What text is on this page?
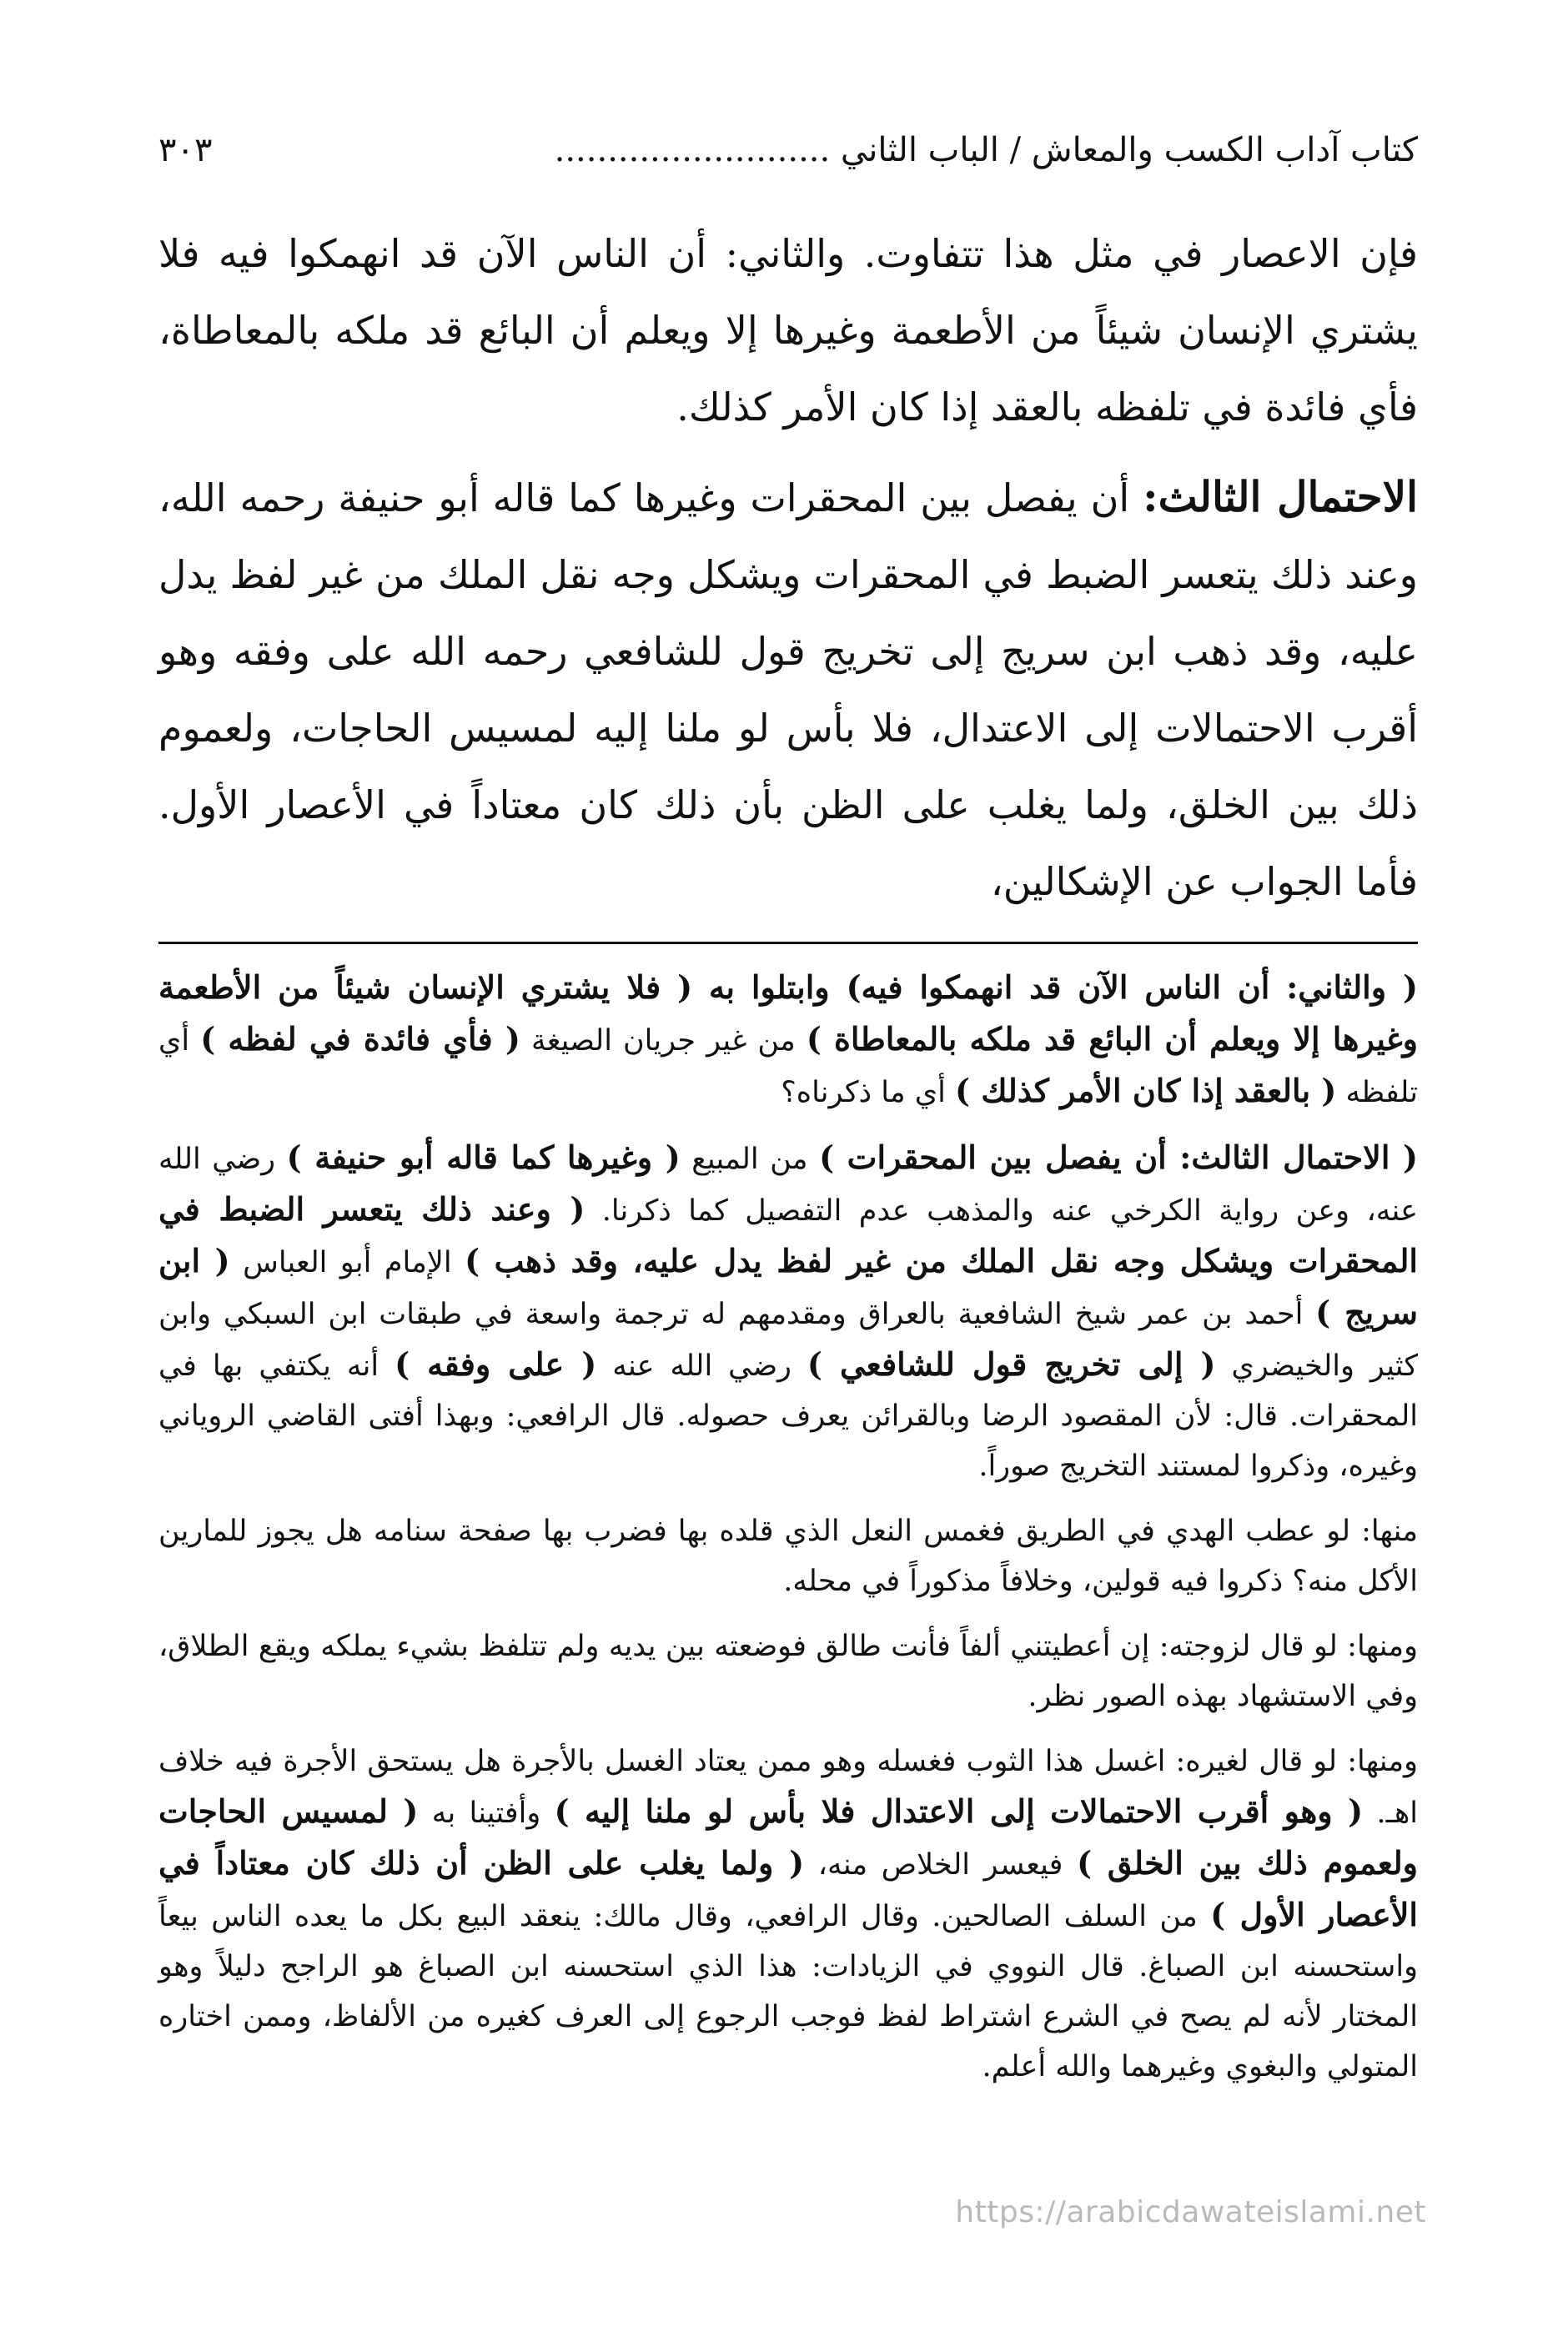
كتاب آداب الكسب والمعاش / الباب الثاني ..........................
٣٠٣

فإن الاعصار في مثل هذا تتفاوت. والثاني: أن الناس الآن قد انهمكوا فيه فلا يشتري الإنسان شيئاً من الأطعمة وغيرها إلا ويعلم أن البائع قد ملكه بالمعاطاة، فأي فائدة في تلفظه بالعقد إذا كان الأمر كذلك.

الاحتمال الثالث: أن يفصل بين المحقرات وغيرها كما قاله أبو حنيفة رحمه الله، وعند ذلك يتعسر الضبط في المحقرات ويشكل وجه نقل الملك من غير لفظ يدل عليه، وقد ذهب ابن سريج إلى تخريج قول للشافعي رحمه الله على وفقه وهو أقرب الاحتمالات إلى الاعتدال، فلا بأس لو ملنا إليه لمسيس الحاجات، ولعموم ذلك بين الخلق، ولما يغلب على الظن بأن ذلك كان معتاداً في الأعصار الأول. فأما الجواب عن الإشكالين،

( والثاني: أن الناس الآن قد انهمكوا فيه) وابتلوا به ( فلا يشتري الإنسان شيئاً من الأطعمة وغيرها إلا ويعلم أن البائع قد ملكه بالمعاطاة ) من غير جريان الصيغة ( فأي فائدة في لفظه ) أي تلفظه ( بالعقد إذا كان الأمر كذلك ) أي ما ذكرناه؟

( الاحتمال الثالث: أن يفصل بين المحقرات ) من المبيع ( وغيرها كما قاله أبو حنيفة ) رضي الله عنه، وعن رواية الكرخي عنه والمذهب عدم التفصيل كما ذكرنا. ( وعند ذلك يتعسر الضبط في المحقرات ويشكل وجه نقل الملك من غير لفظ يدل عليه، وقد ذهب ) الإمام أبو العباس ( ابن سريج ) أحمد بن عمر شيخ الشافعية بالعراق ومقدمهم له ترجمة واسعة في طبقات ابن السبكي وابن كثير والخيضري ( إلى تخريج قول للشافعي ) رضي الله عنه ( على وفقه ) أنه يكتفي بها في المحقرات. قال: لأن المقصود الرضا وبالقرائن يعرف حصوله. قال الرافعي: وبهذا أفتى القاضي الروياني وغيره، وذكروا لمستند التخريج صوراً.

منها: لو عطب الهدي في الطريق فغمس النعل الذي قلده بها فضرب بها صفحة سنامه هل يجوز للمارين الأكل منه؟ ذكروا فيه قولين، وخلافاً مذكوراً في محله.

ومنها: لو قال لزوجته: إن أعطيتني ألفاً فأنت طالق فوضعته بين يديه ولم تتلفظ بشيء يملكه ويقع الطلاق، وفي الاستشهاد بهذه الصور نظر.

ومنها: لو قال لغيره: اغسل هذا الثوب فغسله وهو ممن يعتاد الغسل بالأجرة هل يستحق الأجرة فيه خلاف اهـ. ( وهو أقرب الاحتمالات إلى الاعتدال فلا بأس لو ملنا إليه ) وأفتينا به ( لمسيس الحاجات ولعموم ذلك بين الخلق ) فيعسر الخلاص منه، ( ولما يغلب على الظن أن ذلك كان معتاداً في الأعصار الأول ) من السلف الصالحين. وقال الرافعي، وقال مالك: ينعقد البيع بكل ما يعده الناس بيعاً واستحسنه ابن الصباغ. قال النووي في الزيادات: هذا الذي استحسنه ابن الصباغ هو الراجح دليلاً وهو المختار لأنه لم يصح في الشرع اشتراط لفظ فوجب الرجوع إلى العرف كغيره من الألفاظ، وممن اختاره المتولي والبغوي وغيرهما والله أعلم.

https://arabicdawateislami.net
